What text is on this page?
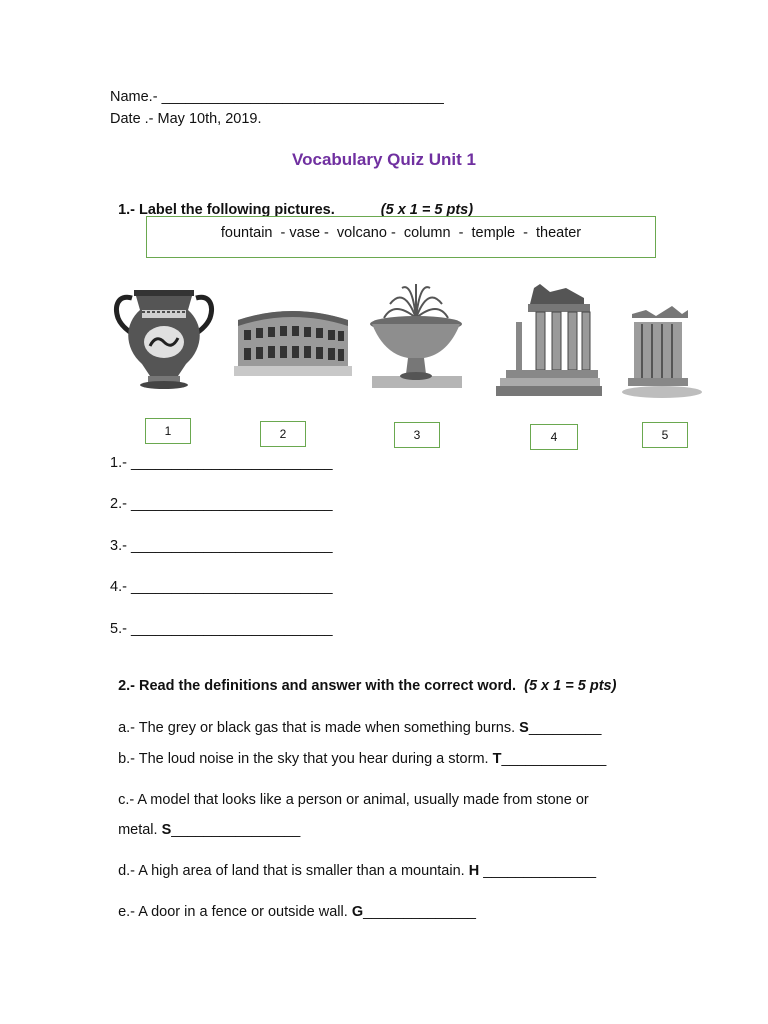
Name.- ___________________________________
Date .- May 10th, 2019.
Vocabulary Quiz Unit 1

1.- Label the following pictures.	(5 x 1 = 5 pts)

fountain  - vase -  volcano -  column  -  temple  -  theater
1	2	3	4	5
1.- _________________________
2.- _________________________
3.- _________________________
4.- _________________________
5.- _________________________

2.- Read the definitions and answer with the correct word. (5 x 1 = 5 pts)

a.- The grey or black gas that is made when something burns. S_________

b.- The loud noise in the sky that you hear during a storm. T_____________

c.- A model that looks like a person or animal, usually made from stone or

metal. S________________

d.- A high area of land that is smaller than a mountain. H ______________

e.- A door in a fence or outside wall. G______________
